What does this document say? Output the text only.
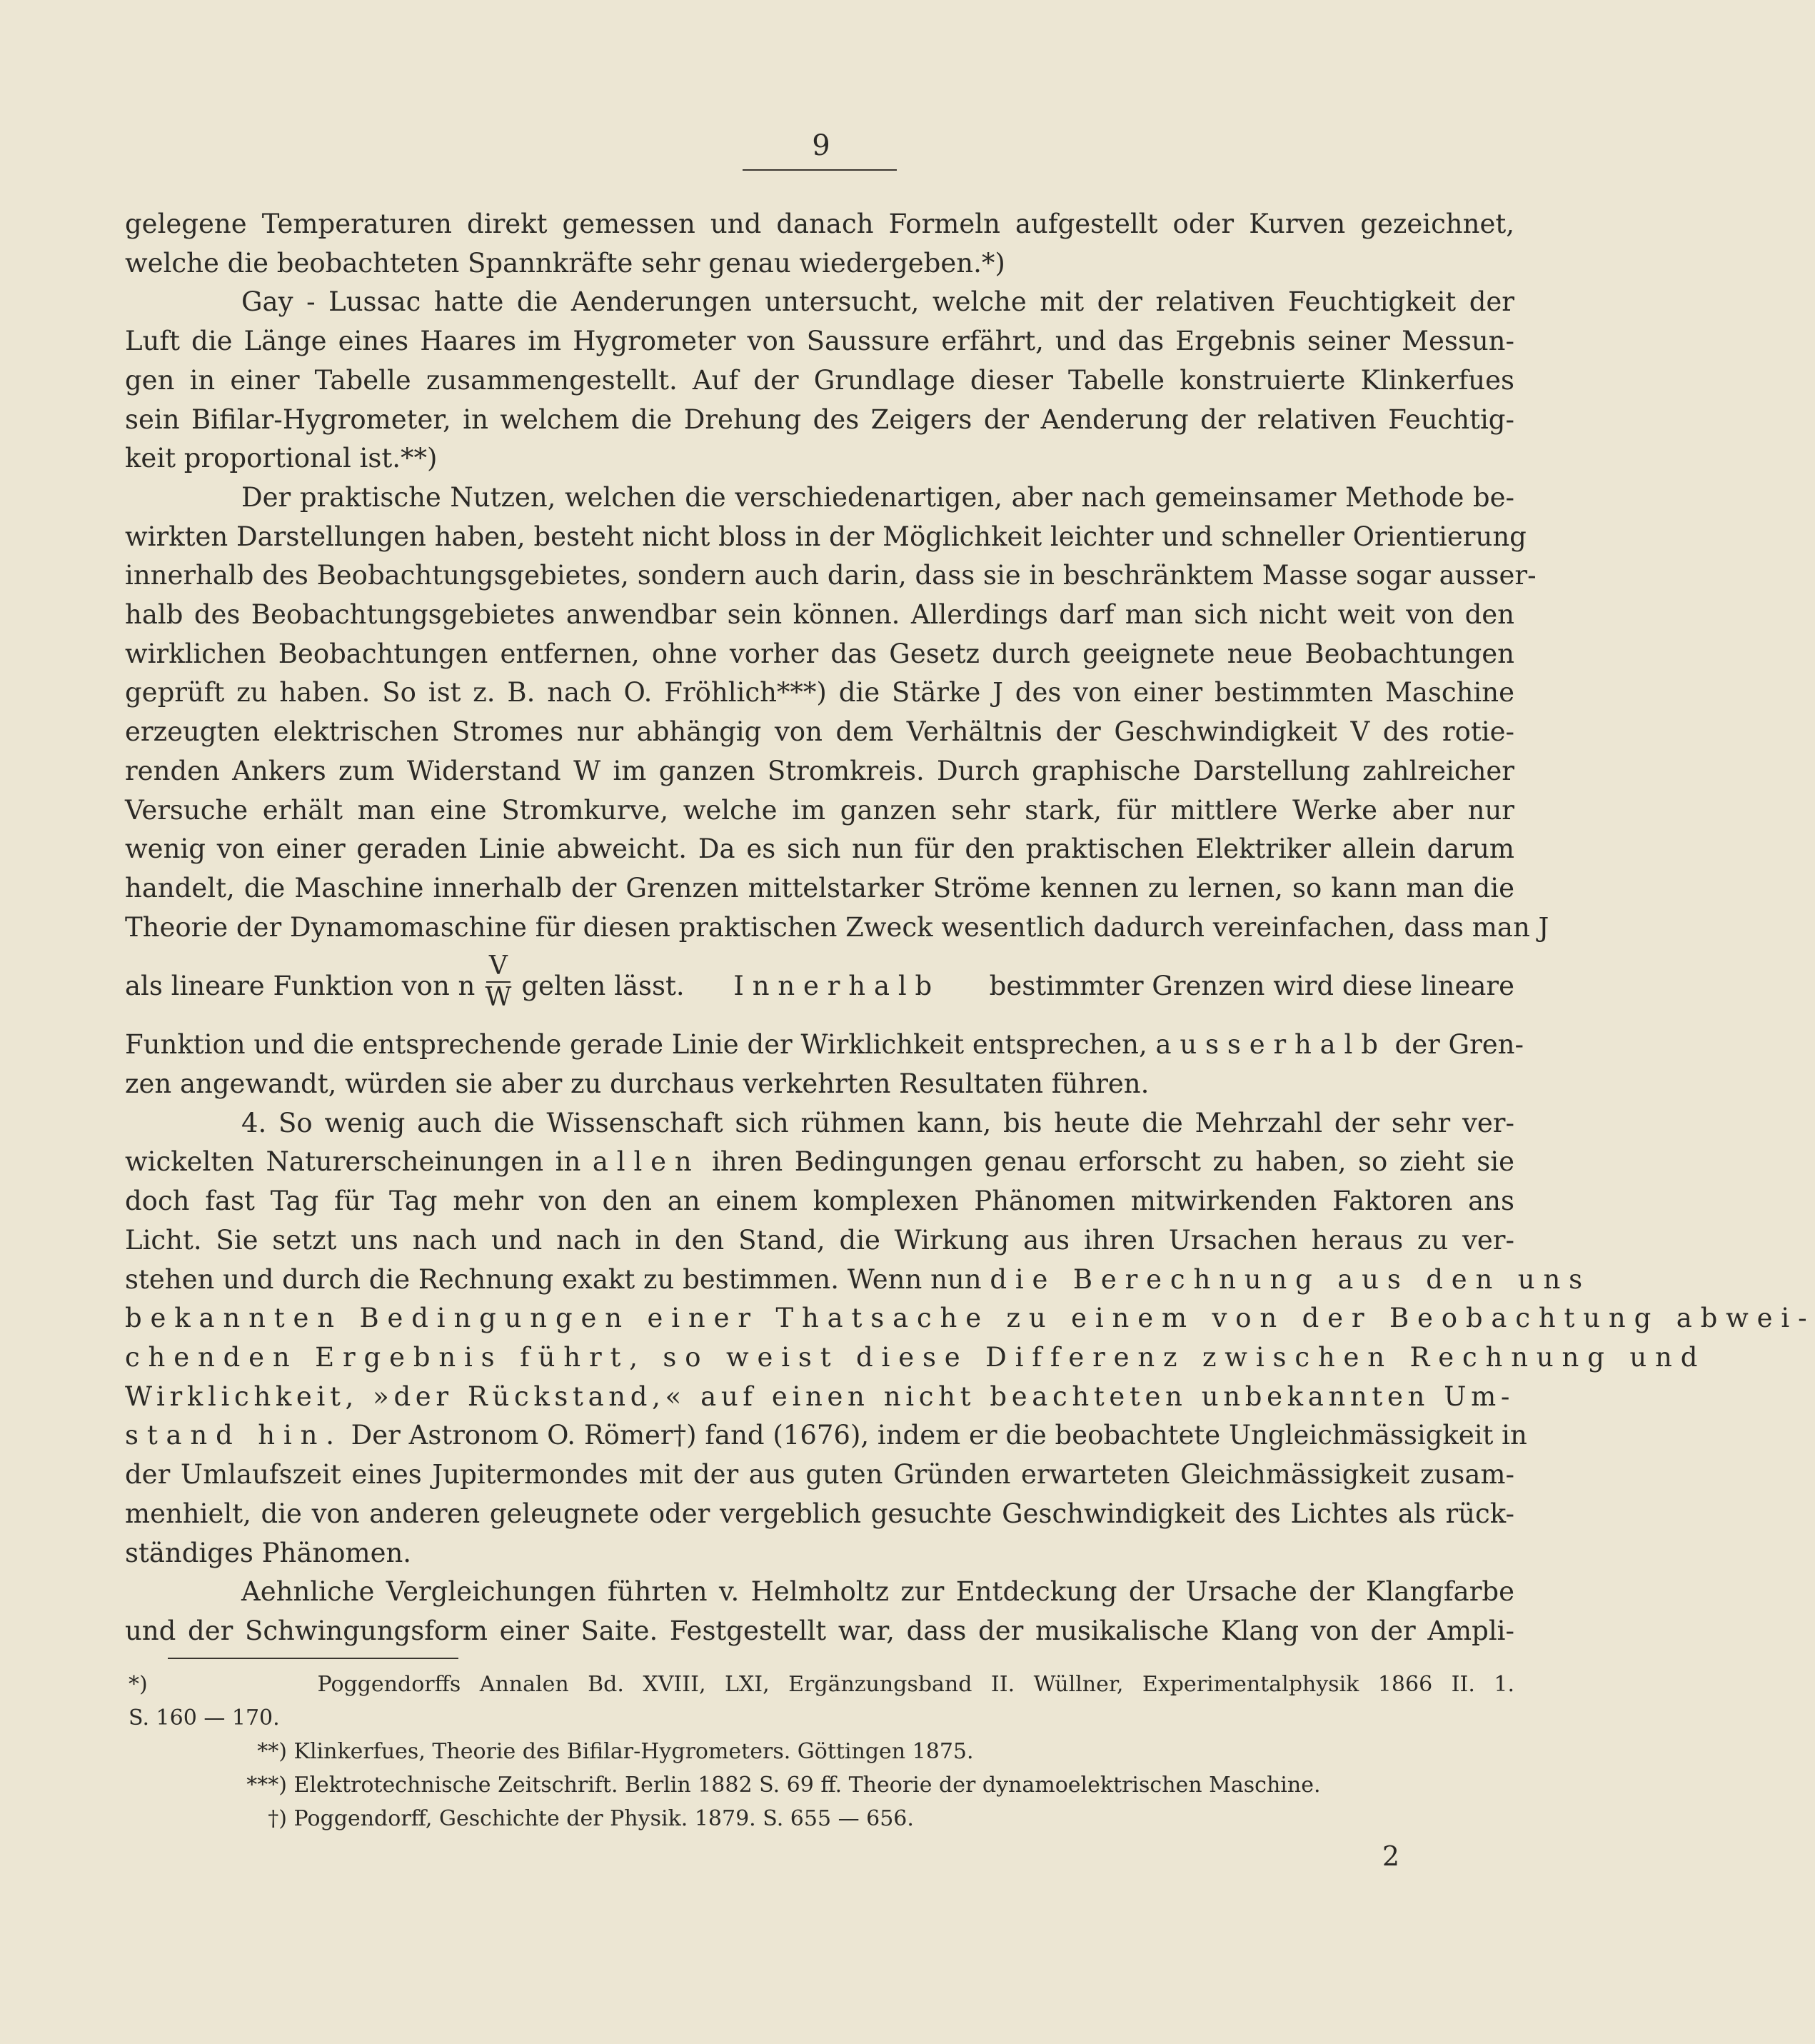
9
gelegene Temperaturen direkt gemessen und danach Formeln aufgestellt oder Kurven gezeichnet,
welche die beobachteten Spannkräfte sehr genau wiedergeben.*)
Gay - Lussac hatte die Aenderungen untersucht, welche mit der relativen Feuchtigkeit der
Luft die Länge eines Haares im Hygrometer von Saussure erfährt, und das Ergebnis seiner Messun-
gen in einer Tabelle zusammengestellt. Auf der Grundlage dieser Tabelle konstruierte Klinkerfues
sein Bifilar-Hygrometer, in welchem die Drehung des Zeigers der Aenderung der relativen Feuchtig-
keit proportional ist.**)
Der praktische Nutzen, welchen die verschiedenartigen, aber nach gemeinsamer Methode be-
wirkten Darstellungen haben, besteht nicht bloss in der Möglichkeit leichter und schneller Orientierung
innerhalb des Beobachtungsgebietes, sondern auch darin, dass sie in beschränktem Masse sogar ausser-
halb des Beobachtungsgebietes anwendbar sein können. Allerdings darf man sich nicht weit von den
wirklichen Beobachtungen entfernen, ohne vorher das Gesetz durch geeignete neue Beobachtungen
geprüft zu haben. So ist z. B. nach O. Fröhlich***) die Stärke J des von einer bestimmten Maschine
erzeugten elektrischen Stromes nur abhängig von dem Verhältnis der Geschwindigkeit V des rotie-
renden Ankers zum Widerstand W im ganzen Stromkreis. Durch graphische Darstellung zahlreicher
Versuche erhält man eine Stromkurve, welche im ganzen sehr stark, für mittlere Werke aber nur
wenig von einer geraden Linie abweicht. Da es sich nun für den praktischen Elektriker allein darum
handelt, die Maschine innerhalb der Grenzen mittelstarker Ströme kennen zu lernen, so kann man die
Theorie der Dynamomaschine für diesen praktischen Zweck wesentlich dadurch vereinfachen, dass man J
als lineare Funktion von n $\frac{V}{W}$ gelten lässt. Innerhalb bestimmter Grenzen wird diese lineare
Funktion und die entsprechende gerade Linie der Wirklichkeit entsprechen, ausserhalb der Gren-
zen angewandt, würden sie aber zu durchaus verkehrten Resultaten führen.
4. So wenig auch die Wissenschaft sich rühmen kann, bis heute die Mehrzahl der sehr ver-
wickelten Naturerscheinungen in allen ihren Bedingungen genau erforscht zu haben, so zieht sie
doch fast Tag für Tag mehr von den an einem komplexen Phänomen mitwirkenden Faktoren ans
Licht. Sie setzt uns nach und nach in den Stand, die Wirkung aus ihren Ursachen heraus zu ver-
stehen und durch die Rechnung exakt zu bestimmen. Wenn nun die Berechnung aus den uns
bekannten Bedingungen einer Thatsache zu einem von der Beobachtung abwei-
chenden Ergebnis führt, so weist diese Differenz zwischen Rechnung und
Wirklichkeit, »der Rückstand,« auf einen nicht beachteten unbekannten Um-
stand hin. Der Astronom O. Römer†) fand (1676), indem er die beobachtete Ungleichmässigkeit in
der Umlaufszeit eines Jupitermondes mit der aus guten Gründen erwarteten Gleichmässigkeit zusam-
menhielt, die von anderen geleugnete oder vergeblich gesuchte Geschwindigkeit des Lichtes als rück-
ständiges Phänomen.
Aehnliche Vergleichungen führten v. Helmholtz zur Entdeckung der Ursache der Klangfarbe
und der Schwingungsform einer Saite. Festgestellt war, dass der musikalische Klang von der Ampli-
*)	Poggendorffs Annalen Bd. XVIII, LXI, Ergänzungsband II. Wüllner, Experimentalphysik 1866 II. 1.
S. 160 — 170.
**) Klinkerfues, Theorie des Bifilar-Hygrometers. Göttingen 1875.
***) Elektrotechnische Zeitschrift. Berlin 1882 S. 69 ff. Theorie der dynamoelektrischen Maschine.
†) Poggendorff, Geschichte der Physik. 1879. S. 655 — 656.
2
